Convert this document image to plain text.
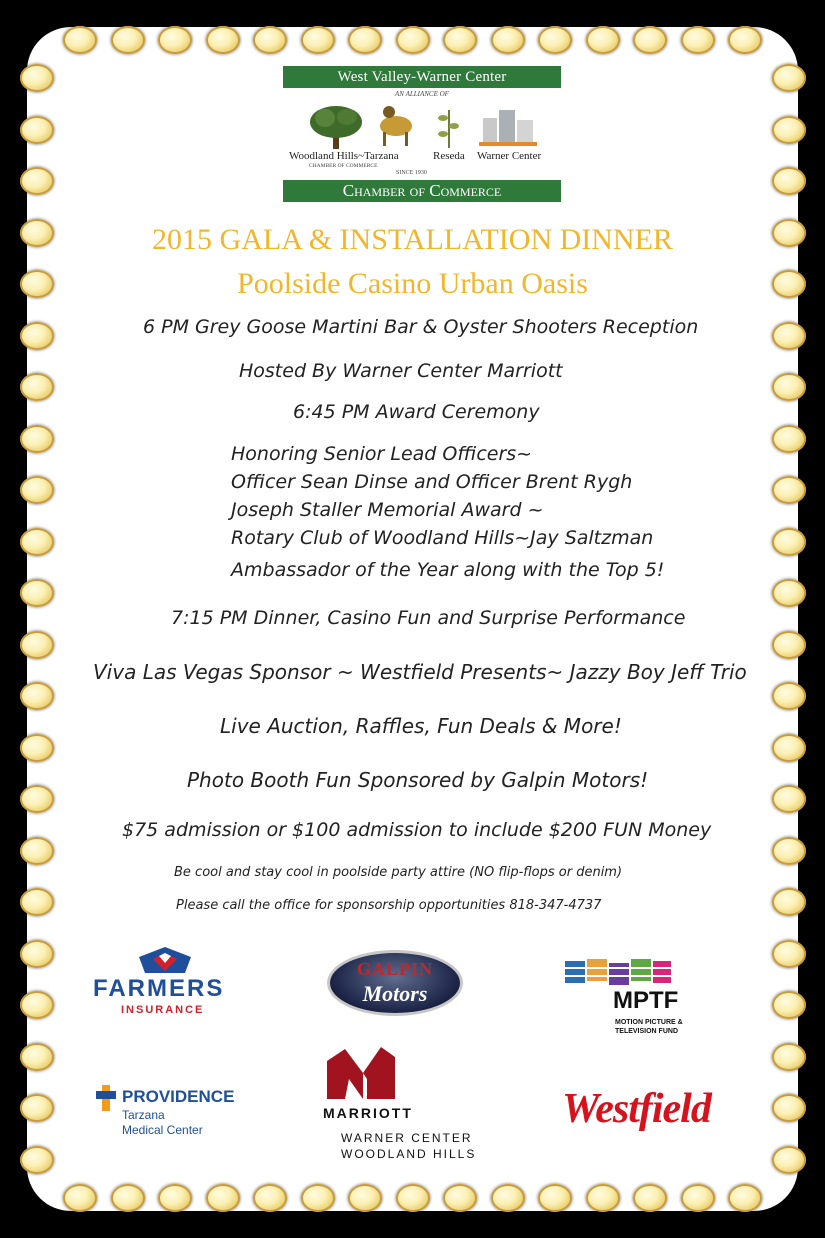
West Valley-Warner Center
AN ALLIANCE OF
Woodland Hills~Tarzana
CHAMBER OF COMMERCE
Reseda Warner Center
SINCE 1930
Chamber of Commerce
2015 GALA & INSTALLATION DINNER
Poolside Casino Urban Oasis
6 PM Grey Goose Martini Bar & Oyster Shooters Reception
Hosted By Warner Center Marriott
6:45 PM Award Ceremony
Honoring Senior Lead Officers~
Officer Sean Dinse and Officer Brent Rygh
Joseph Staller Memorial Award ~
Rotary Club of Woodland Hills~Jay Saltzman
Ambassador of the Year along with the Top 5!
7:15 PM Dinner, Casino Fun and Surprise Performance
Viva Las Vegas Sponsor ~ Westfield Presents~ Jazzy Boy Jeff Trio
Live Auction, Raffles, Fun Deals & More!
Photo Booth Fun Sponsored by Galpin Motors!
$75 admission or $100 admission to include $200 FUN Money
Be cool and stay cool in poolside party attire (NO flip-flops or denim)
Please call the office for sponsorship opportunities 818-347-4737
FARMERS
INSURANCE
GALPIN
Motors	MPTF
MOTION PICTURE &
TELEVISION FUND
PROVIDENCE
Tarzana
Medical Center
MARRIOTT
WARNER CENTER
WOODLAND HILLS
Westfield
